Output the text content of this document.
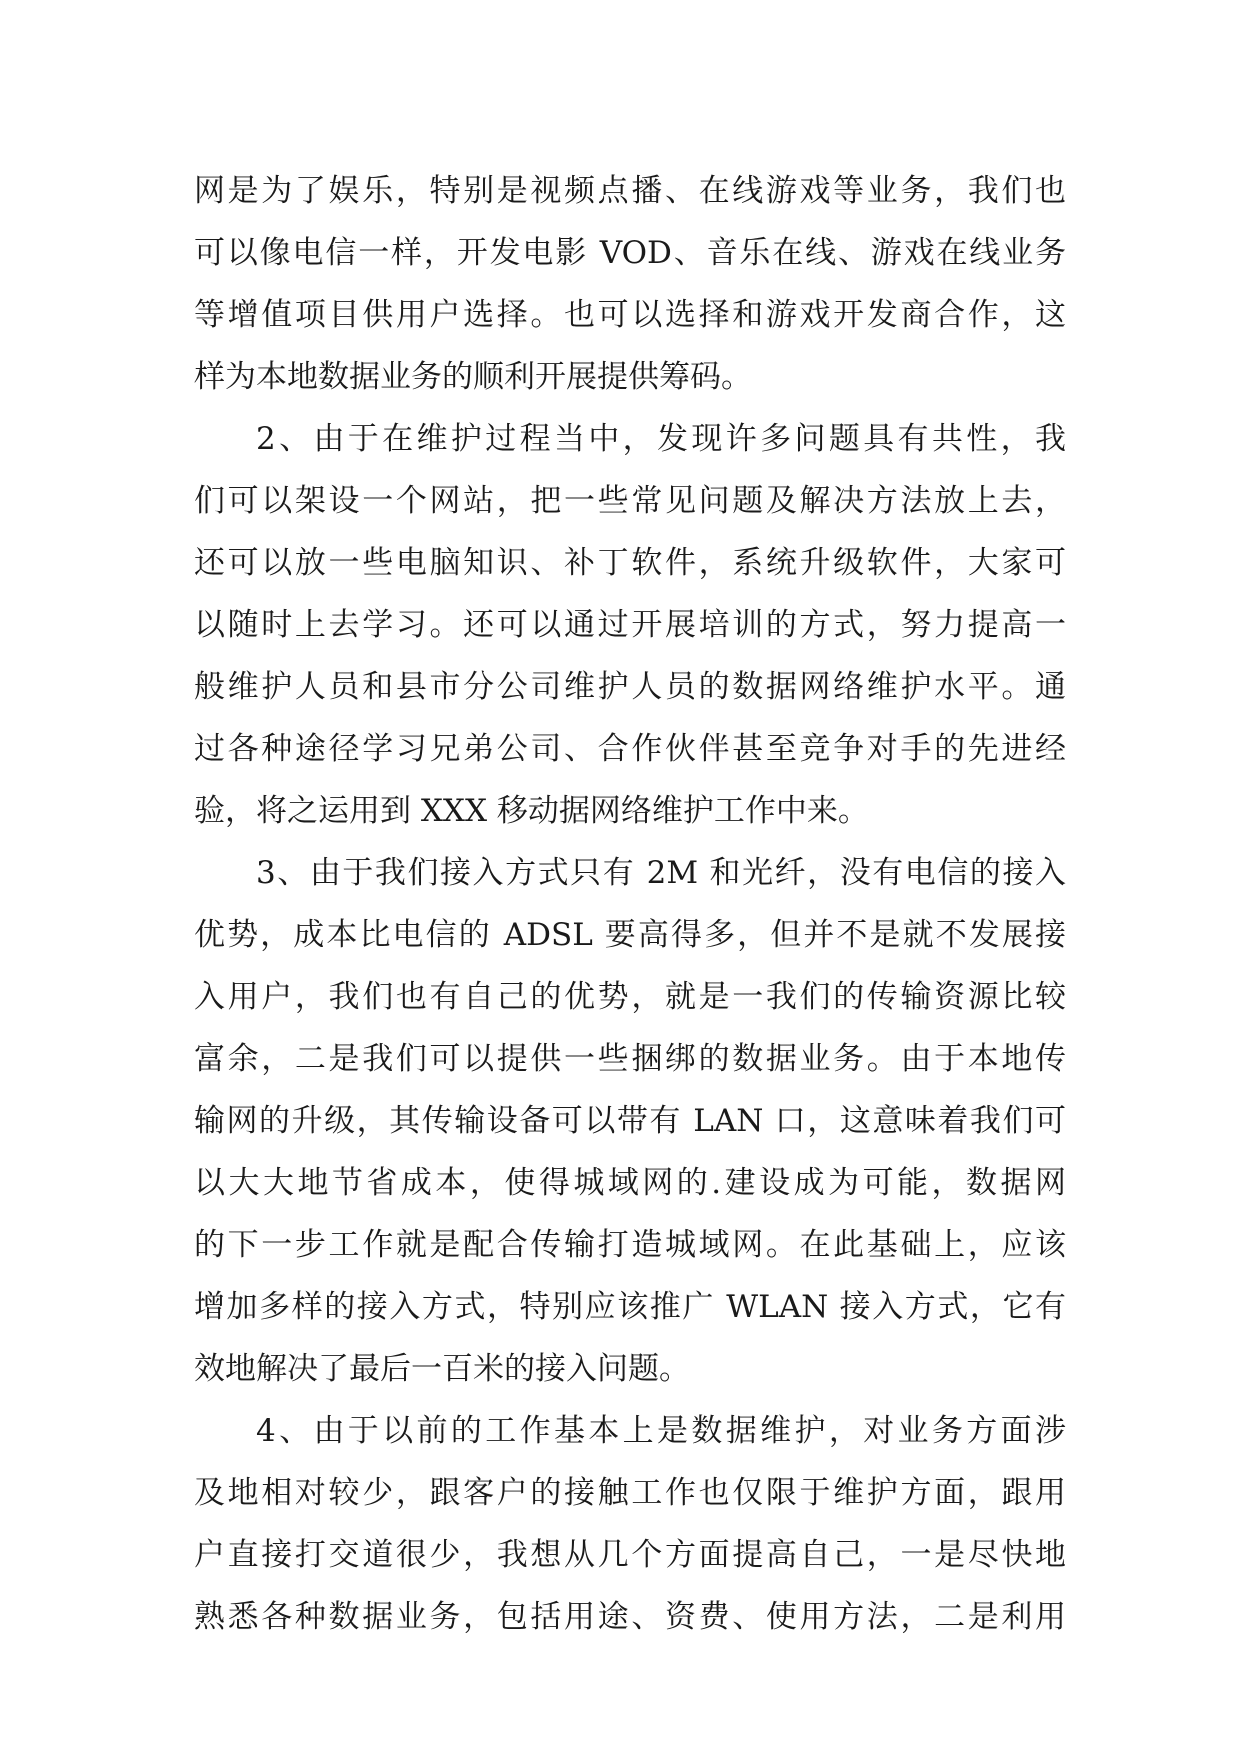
网是为了娱乐，特别是视频点播、在线游戏等业务，我们也
可以像电信一样，开发电影 VOD、音乐在线、游戏在线业务
等增值项目供用户选择。也可以选择和游戏开发商合作，这
样为本地数据业务的顺利开展提供筹码。
2、由于在维护过程当中，发现许多问题具有共性，我
们可以架设一个网站，把一些常见问题及解决方法放上去，
还可以放一些电脑知识、补丁软件，系统升级软件，大家可
以随时上去学习。还可以通过开展培训的方式，努力提高一
般维护人员和县市分公司维护人员的数据网络维护水平。通
过各种途径学习兄弟公司、合作伙伴甚至竞争对手的先进经
验，将之运用到 XXX 移动据网络维护工作中来。
3、由于我们接入方式只有 2M 和光纤，没有电信的接入
优势，成本比电信的 ADSL 要高得多，但并不是就不发展接
入用户，我们也有自己的优势，就是一我们的传输资源比较
富余，二是我们可以提供一些捆绑的数据业务。由于本地传
输网的升级，其传输设备可以带有 LAN 口，这意味着我们可
以大大地节省成本，使得城域网的.建设成为可能，数据网
的下一步工作就是配合传输打造城域网。在此基础上，应该
增加多样的接入方式，特别应该推广 WLAN 接入方式，它有
效地解决了最后一百米的接入问题。
4、由于以前的工作基本上是数据维护，对业务方面涉
及地相对较少，跟客户的接触工作也仅限于维护方面，跟用
户直接打交道很少，我想从几个方面提高自己，一是尽快地
熟悉各种数据业务，包括用途、资费、使用方法，二是利用
